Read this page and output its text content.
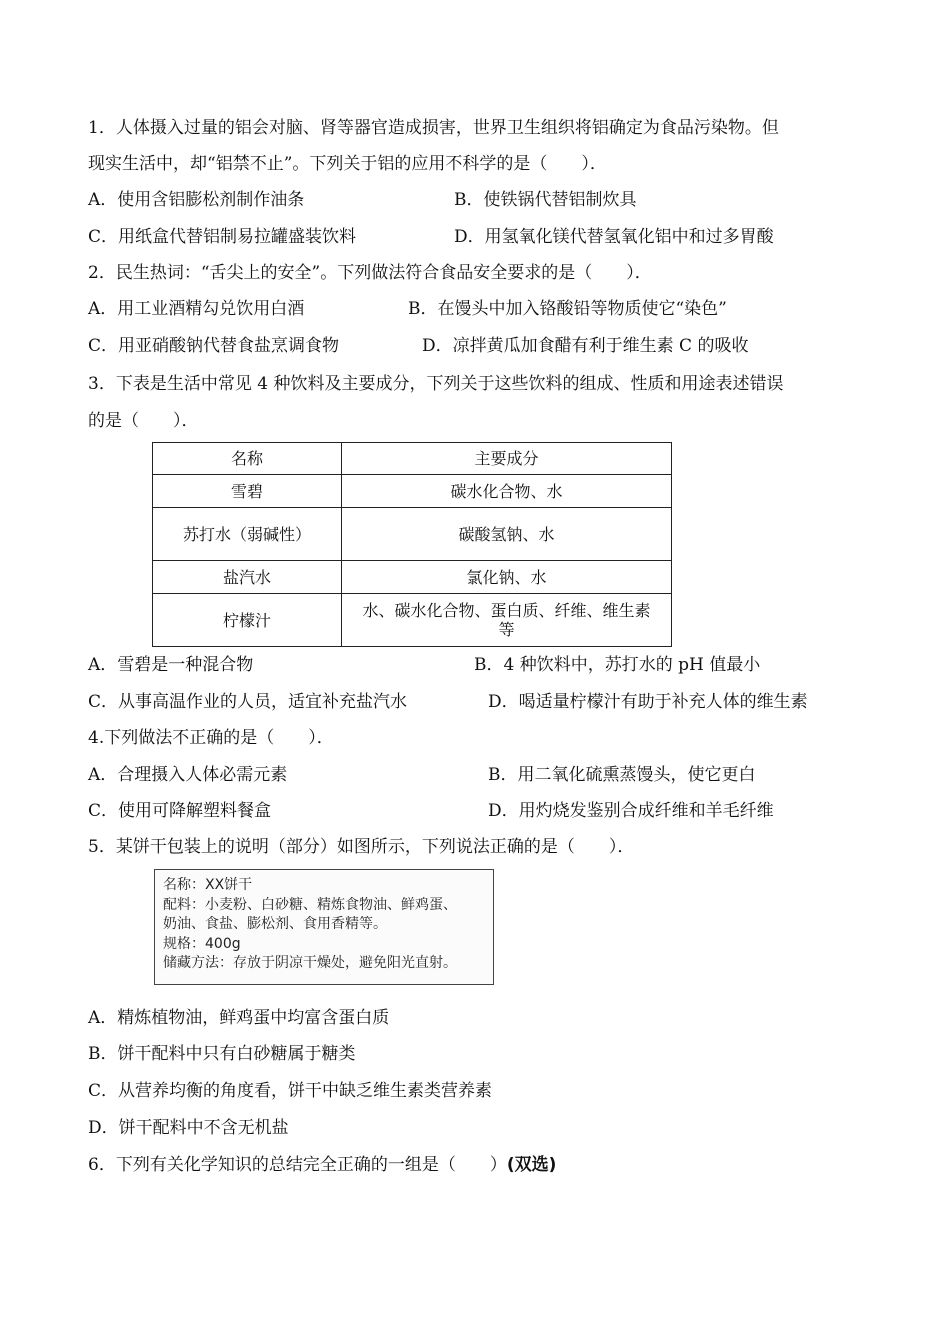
1．人体摄入过量的铝会对脑、肾等器官造成损害，世界卫生组织将铝确定为食品污染物。但
现实生活中，却“铝禁不止”。下列关于铝的应用不科学的是（　　）．
A．使用含铝膨松剂制作油条	B．使铁锅代替铝制炊具
C．用纸盒代替铝制易拉罐盛装饮料	D．用氢氧化镁代替氢氧化铝中和过多胃酸
2．民生热词：“舌尖上的安全”。下列做法符合食品安全要求的是（　　）．
A．用工业酒精勾兑饮用白酒	B．在馒头中加入铬酸铅等物质使它“染色”
C．用亚硝酸钠代替食盐烹调食物	D．凉拌黄瓜加食醋有利于维生素 C 的吸收
3．下表是生活中常见 4 种饮料及主要成分，下列关于这些饮料的组成、性质和用途表述错误
的是（　　）．
名称	主要成分
雪碧	碳水化合物、水
苏打水（弱碱性）	碳酸氢钠、水
盐汽水	氯化钠、水
柠檬汁	水、碳水化合物、蛋白质、纤维、维生素等
A．雪碧是一种混合物	B．4 种饮料中，苏打水的 pH 值最小
C．从事高温作业的人员，适宜补充盐汽水	D．喝适量柠檬汁有助于补充人体的维生素
4.下列做法不正确的是（　　）．
A．合理摄入人体必需元素	B．用二氧化硫熏蒸馒头，使它更白
C．使用可降解塑料餐盒	D．用灼烧发鉴别合成纤维和羊毛纤维
5．某饼干包装上的说明（部分）如图所示，下列说法正确的是（　　）．
名称：XX饼干
配料：小麦粉、白砂糖、精炼食物油、鲜鸡蛋、
奶油、食盐、膨松剂、食用香精等。
规格：400g
储藏方法：存放于阴凉干燥处，避免阳光直射。
A．精炼植物油，鲜鸡蛋中均富含蛋白质
B．饼干配料中只有白砂糖属于糖类
C．从营养均衡的角度看，饼干中缺乏维生素类营养素
D．饼干配料中不含无机盐
6．下列有关化学知识的总结完全正确的一组是（　　）(双选)
